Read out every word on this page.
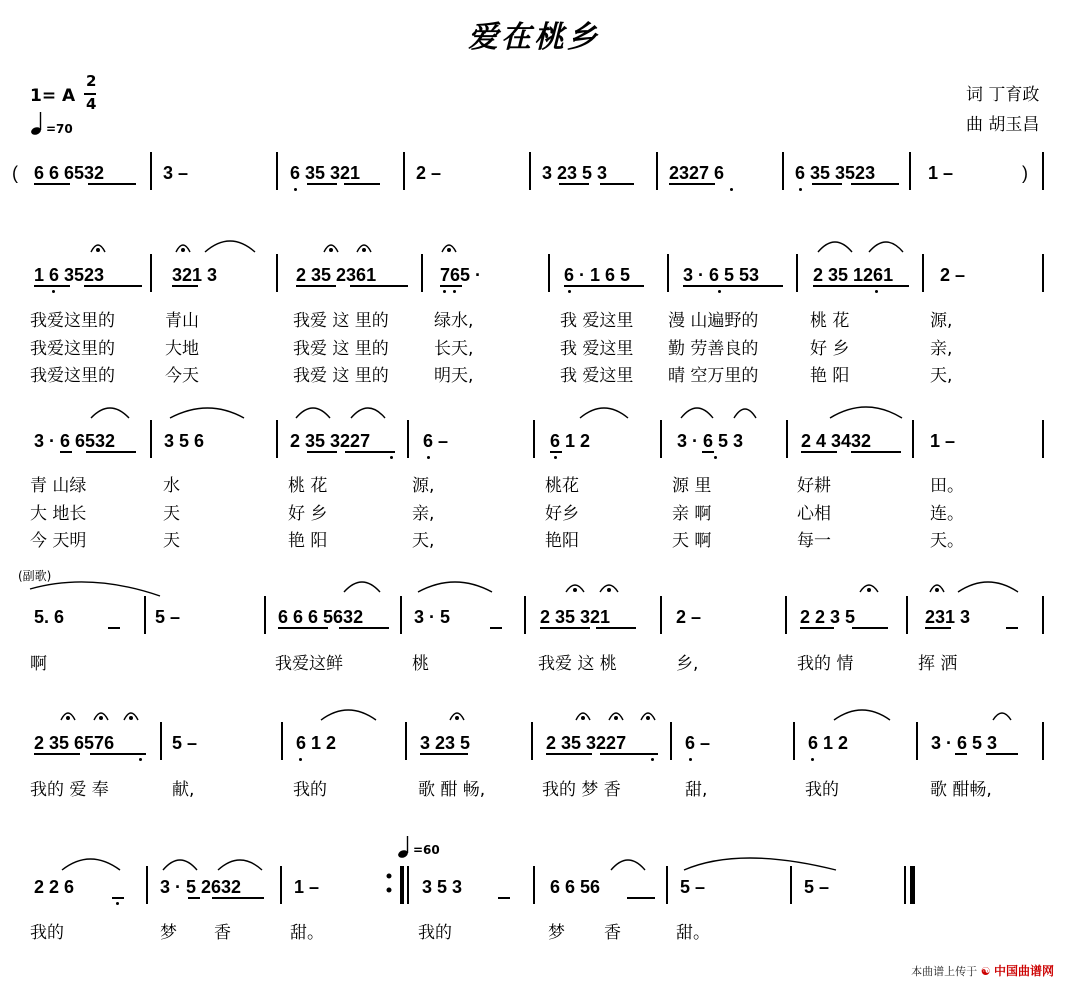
爱在桃乡
1= A
2
4
=70
=60
词 丁育政
曲 胡玉昌
( 6 6 6532	3 –	6 35 321	2 –	3 23 5 3	2327 6	6 35 3523	1 –	)
1 6 3523	321 3	2 35 2361	765 ·	6 · 1 6 5	3 · 6 5 53	2 35 1261	2 –
我爱这里的	青山	我爱 这 里的	绿水,	我 爱这里 漫 山遍野的	桃 花	源,
我爱这里的	大地	我爱 这 里的	长天,	我 爱这里 勤 劳善良的	好 乡	亲,
我爱这里的	今天	我爱 这 里的	明天,	我 爱这里 晴 空万里的	艳 阳	天,
3 · 6 6532	3 5 6	2 35 3227	6 –	6 1 2	3 · 6 5 3	2 4 3432	1 –
青 山绿	水	桃 花	源,	桃花	源 里	好耕	田。
大 地长	天	好 乡	亲,	好乡	亲 啊	心相	连。
今 天明	天	艳 阳	天,	艳阳	天 啊	每一	天。
(副歌)
5. 6	5 –	6 6 6 5632	3 · 5	2 35 321	2 –	2 2 3 5	231 3
啊	我爱这鲜	桃	我爱 这 桃	乡,	我的 情	挥 洒
2 35 6576	5 –	6 1 2	3 23 5	2 35 3227	6 –	6 1 2	3 · 6 5 3
我的 爱 奉	献,	我的	歌 酣 畅,	我的 梦 香	甜,	我的	歌 酣畅,
2 2 6	3 · 5 2632	1 –	3 5 3	6 6 56	5 –	5 –
我的	梦 香	甜。	我的	梦 香	甜。
本曲谱上传于 ☯ 中国曲谱网
